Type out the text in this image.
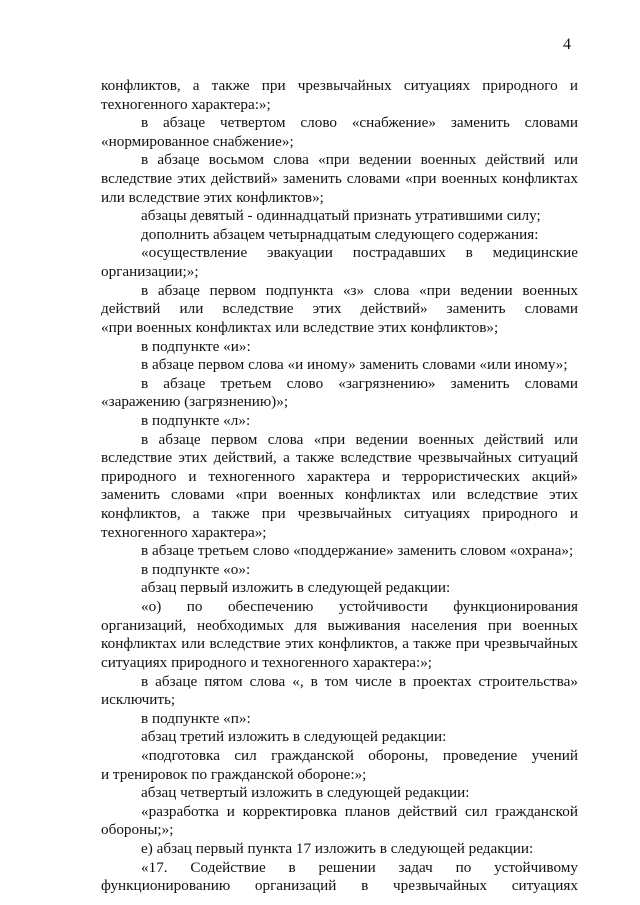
4
конфликтов, а также при чрезвычайных ситуациях природного и
техногенного характера:»;
в абзаце четвертом слово «снабжение» заменить словами
«нормированное снабжение»;
в абзаце восьмом слова «при ведении военных действий или
вследствие этих действий» заменить словами «при военных конфликтах
или вследствие этих конфликтов»;
абзацы девятый - одиннадцатый признать утратившими силу;
дополнить абзацем четырнадцатым следующего содержания:
«осуществление эвакуации пострадавших в медицинские
организации;»;
в абзаце первом подпункта «з» слова «при ведении военных
действий или вследствие этих действий» заменить словами
«при военных конфликтах или вследствие этих конфликтов»;
в подпункте «и»:
в абзаце первом слова «и иному» заменить словами «или иному»;
в абзаце третьем слово «загрязнению» заменить словами
«заражению (загрязнению)»;
в подпункте «л»:
в абзаце первом слова «при ведении военных действий или
вследствие этих действий, а также вследствие чрезвычайных ситуаций
природного и техногенного характера и террористических акций»
заменить словами «при военных конфликтах или вследствие этих
конфликтов, а также при чрезвычайных ситуациях природного и
техногенного характера»;
в абзаце третьем слово «поддержание» заменить словом «охрана»;
в подпункте «о»:
абзац первый изложить в следующей редакции:
«о) по обеспечению устойчивости функционирования
организаций, необходимых для выживания населения при военных
конфликтах или вследствие этих конфликтов, а также при чрезвычайных
ситуациях природного и техногенного характера:»;
в абзаце пятом слова «, в том числе в проектах строительства»
исключить;
в подпункте «п»:
абзац третий изложить в следующей редакции:
«подготовка сил гражданской обороны, проведение учений
и тренировок по гражданской обороне:»;
абзац четвертый изложить в следующей редакции:
«разработка и корректировка планов действий сил гражданской
обороны;»;
е) абзац первый пункта 17 изложить в следующей редакции:
«17. Содействие в решении задач по устойчивому
функционированию организаций в чрезвычайных ситуациях
